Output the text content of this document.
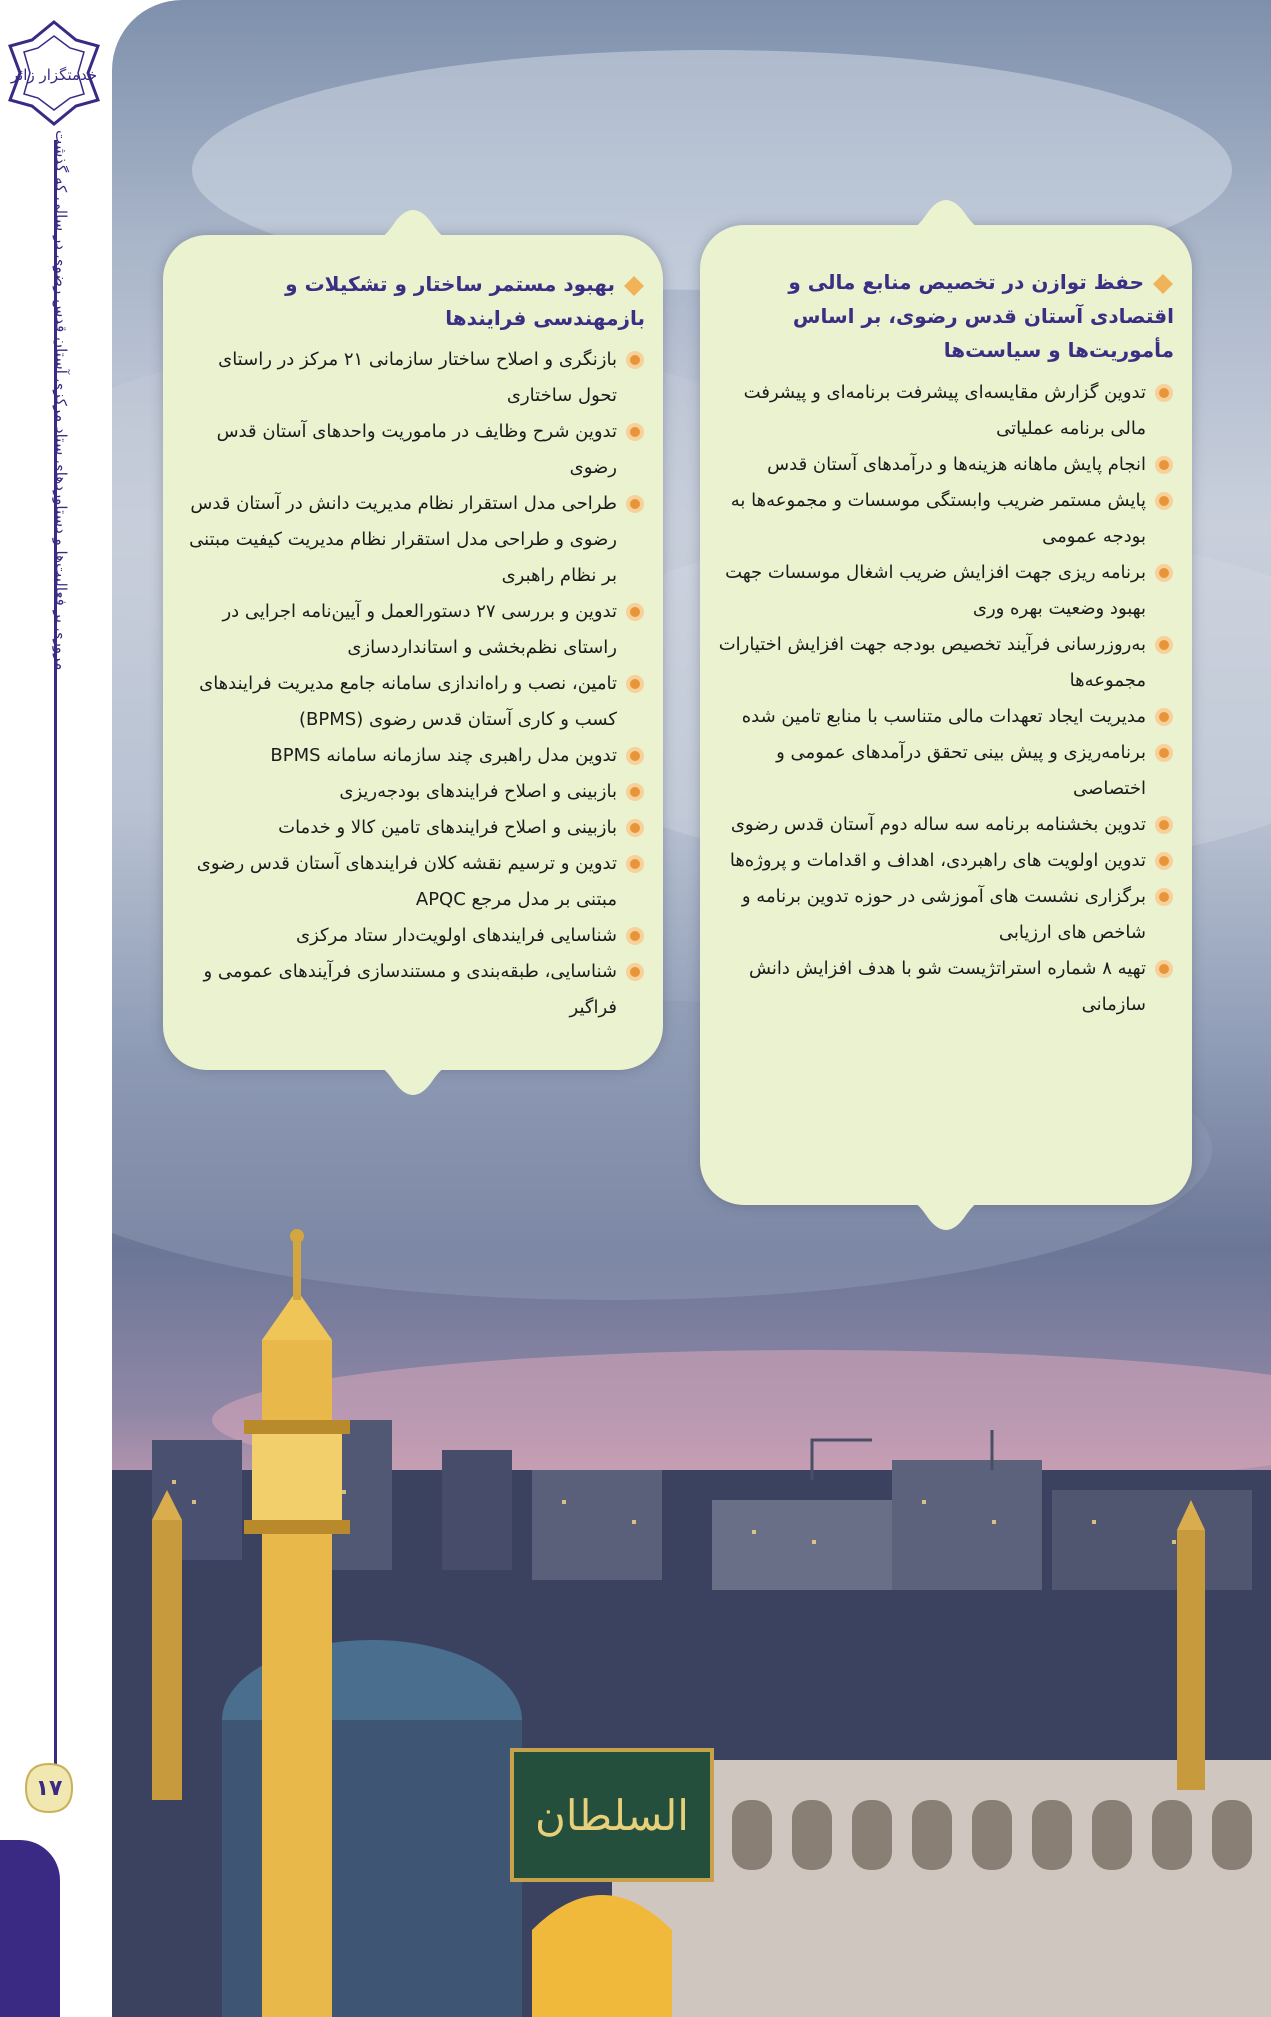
السلطان
خدمتگزار زائر
مروری بر فعالیت‌ها و دستاوردهای ستاد مرکزی آستان قدس رضوی در سالی که گذشت
۱۷
حفظ توازن در تخصیص منابع مالی و اقتصادی آستان قدس رضوی، بر اساس مأموریت‌ها و سیاست‌ها
تدوین گزارش مقایسه‌ای پیشرفت برنامه‌ای و پیشرفت مالی برنامه عملیاتی
انجام پایش ماهانه هزینه‌ها و درآمدهای آستان قدس
پایش مستمر ضریب وابستگی موسسات و مجموعه‌ها به بودجه عمومی
برنامه ریزی جهت افزایش ضریب اشغال موسسات جهت بهبود وضعیت بهره وری
به‌روزرسانی فرآیند تخصیص بودجه جهت افزایش اختیارات مجموعه‌ها
مدیریت ایجاد تعهدات مالی متناسب با منابع تامین شده
برنامه‌ریزی و پیش بینی تحقق درآمدهای عمومی و اختصاصی
تدوین بخشنامه برنامه سه ساله دوم آستان قدس رضوی
تدوین اولویت های راهبردی، اهداف و اقدامات و پروژه‌ها
برگزاری نشست های آموزشی در حوزه تدوین برنامه و شاخص های ارزیابی
تهیه ۸ شماره استراتژیست شو با هدف افزایش دانش سازمانی
بهبود مستمر ساختار و تشکیلات و بازمهندسی فرایندها
بازنگری و اصلاح ساختار سازمانی ۲۱ مرکز در راستای تحول ساختاری
تدوین شرح وظایف در ماموریت واحدهای آستان قدس رضوی
طراحی مدل استقرار نظام مدیریت دانش در آستان قدس رضوی و طراحی مدل استقرار نظام مدیریت کیفیت مبتنی بر نظام راهبری
تدوین و بررسی ۲۷ دستورالعمل و آیین‌نامه اجرایی در راستای نظم‌بخشی و استانداردسازی
تامین، نصب و راه‌اندازی سامانه جامع مدیریت فرایندهای کسب و کاری آستان قدس رضوی (BPMS)
تدوین مدل راهبری چند سازمانه سامانه BPMS
بازبینی و اصلاح فرایندهای بودجه‌ریزی
بازبینی و اصلاح فرایندهای تامین کالا و خدمات
تدوین و ترسیم نقشه کلان فرایندهای آستان قدس رضوی مبتنی بر مدل مرجع APQC
شناسایی فرایندهای اولویت‌دار ستاد مرکزی
شناسایی، طبقه‌بندی و مستندسازی فرآیندهای عمومی و فراگیر
